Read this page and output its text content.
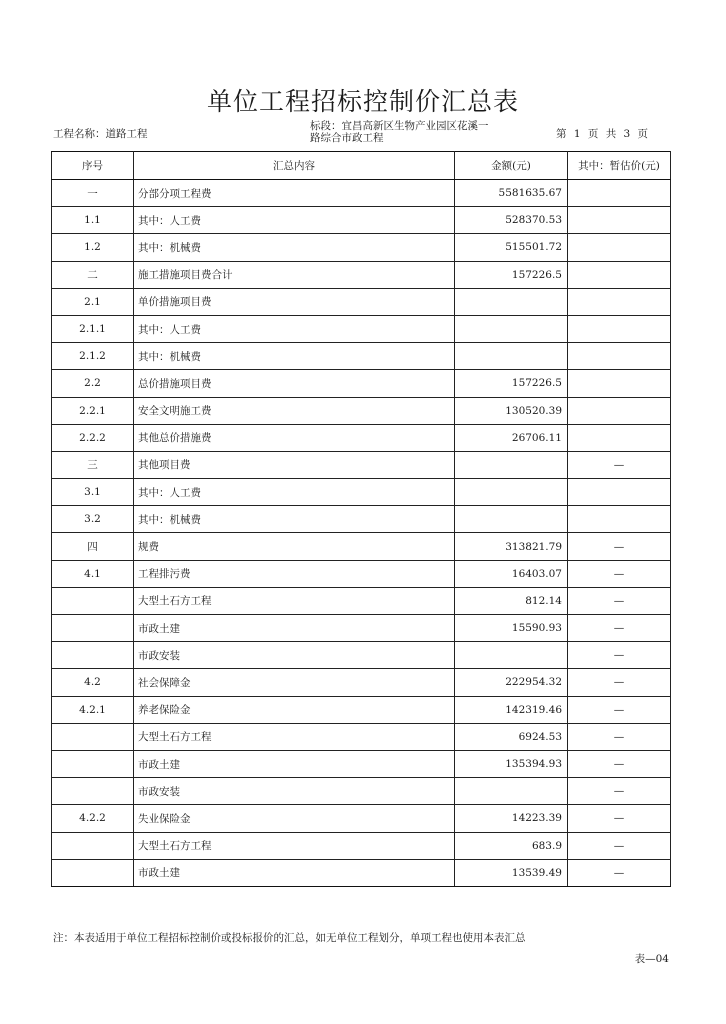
单位工程招标控制价汇总表
工程名称：道路工程
标段：宜昌高新区生物产业园区花溪一
路综合市政工程	第 1 页 共 3 页
序号	汇总内容	金额(元)	其中：暂估价(元)
一	分部分项工程费	5581635.67	
1.1	其中：人工费	528370.53	
1.2	其中：机械费	515501.72	
二	施工措施项目费合计	157226.5	
2.1	单价措施项目费		
2.1.1	其中：人工费		
2.1.2	其中：机械费		
2.2	总价措施项目费	157226.5	
2.2.1	安全文明施工费	130520.39	
2.2.2	其他总价措施费	26706.11	
三	其他项目费		—
3.1	其中：人工费		
3.2	其中：机械费		
四	规费	313821.79	—
4.1	工程排污费	16403.07	—
	大型土石方工程	812.14	—
	市政土建	15590.93	—
	市政安装		—
4.2	社会保障金	222954.32	—
4.2.1	养老保险金	142319.46	—
	大型土石方工程	6924.53	—
	市政土建	135394.93	—
	市政安装		—
4.2.2	失业保险金	14223.39	—
	大型土石方工程	683.9	—
	市政土建	13539.49	—
注：本表适用于单位工程招标控制价或投标报价的汇总，如无单位工程划分，单项工程也使用本表汇总
表—04
